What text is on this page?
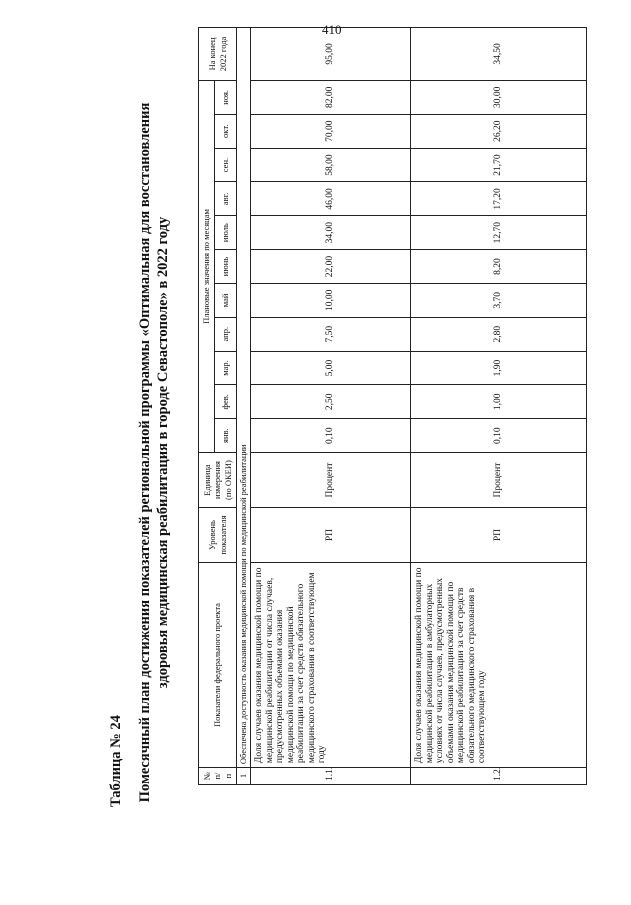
410
Таблица № 24 Помесячный план достижения показателей региональной программы «Оптимальная для восстановления здоровья медицинская реабилитация в городе Севастополе» в 2022 году
№ п/п	Показатели федерального проекта	Уровень показателя	Единица измерения (по ОКЕИ)	Плановые значения по месяцам											На конец 2022 года
				янв.	фев.	мар.	апр.	май	июнь	июль	авг.	сен.	окт.	ноя.	
1	Обеспечена доступность оказания медицинской помощи по медицинской реабилитации														
1.1.	Доля случаев оказания медицинской помощи по медицинской реабилитации от числа случаев, предусмотренных объемами оказания медицинской помощи по медицинской реабилитации за счет средств обязательного медицинского страхования в соответствующем году	РП	Процент	0,10	2,50	5,00	7,50	10,00	22,00	34,00	46,00	58,00	70,00	82,00	95,00
1.2.	Доля случаев оказания медицинской помощи по медицинской реабилитации в амбулаторных условиях от числа случаев, предусмотренных объемами оказания медицинской помощи по медицинской реабилитации за счет средств обязательного медицинского страхования в соответствующем году	РП	Процент	0,10	1,00	1,90	2,80	3,70	8,20	12,70	17,20	21,70	26,20	30,00	34,50
